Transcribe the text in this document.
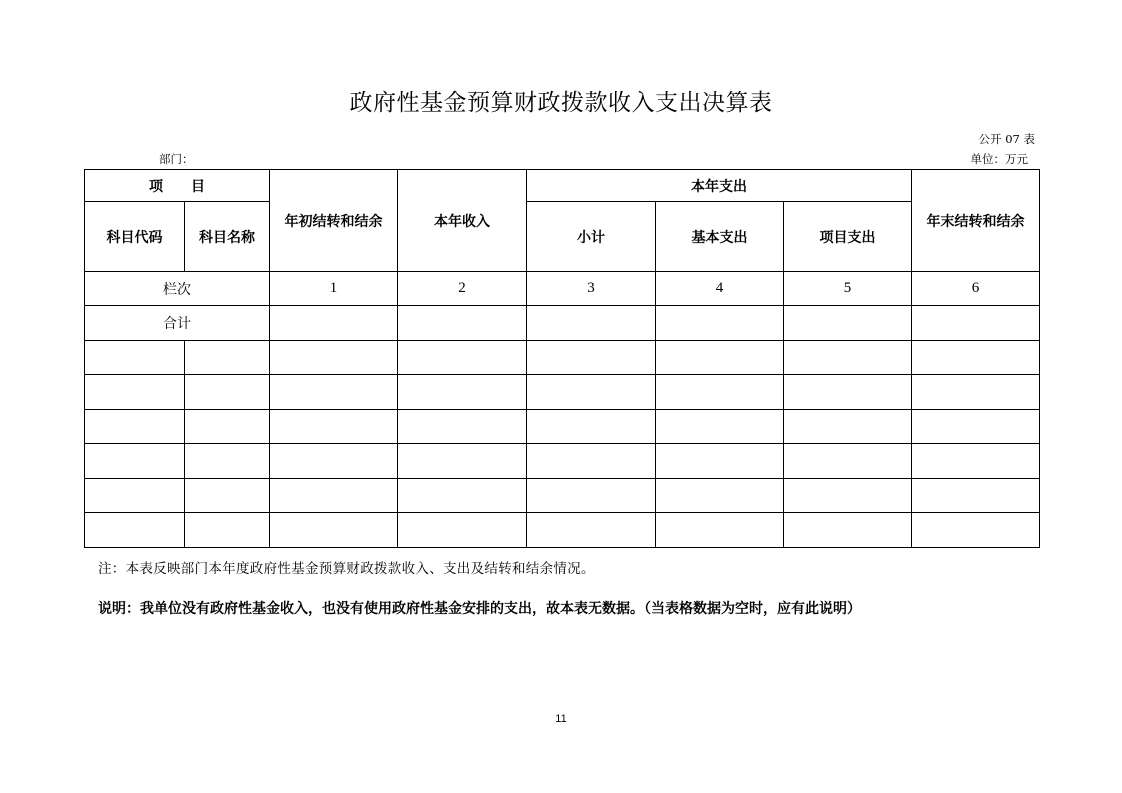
政府性基金预算财政拨款收入支出决算表
公开 07 表
部门：	单位：万元
项　　目		年初结转和结余	本年收入	本年支出			年末结转和结余
科目代码	科目名称			小计	基本支出	项目支出	
栏次		1	2	3	4	5	6
合计							

注：本表反映部门本年度政府性基金预算财政拨款收入、支出及结转和结余情况。
说明：我单位没有政府性基金收入，也没有使用政府性基金安排的支出，故本表无数据。（当表格数据为空时，应有此说明）
11
